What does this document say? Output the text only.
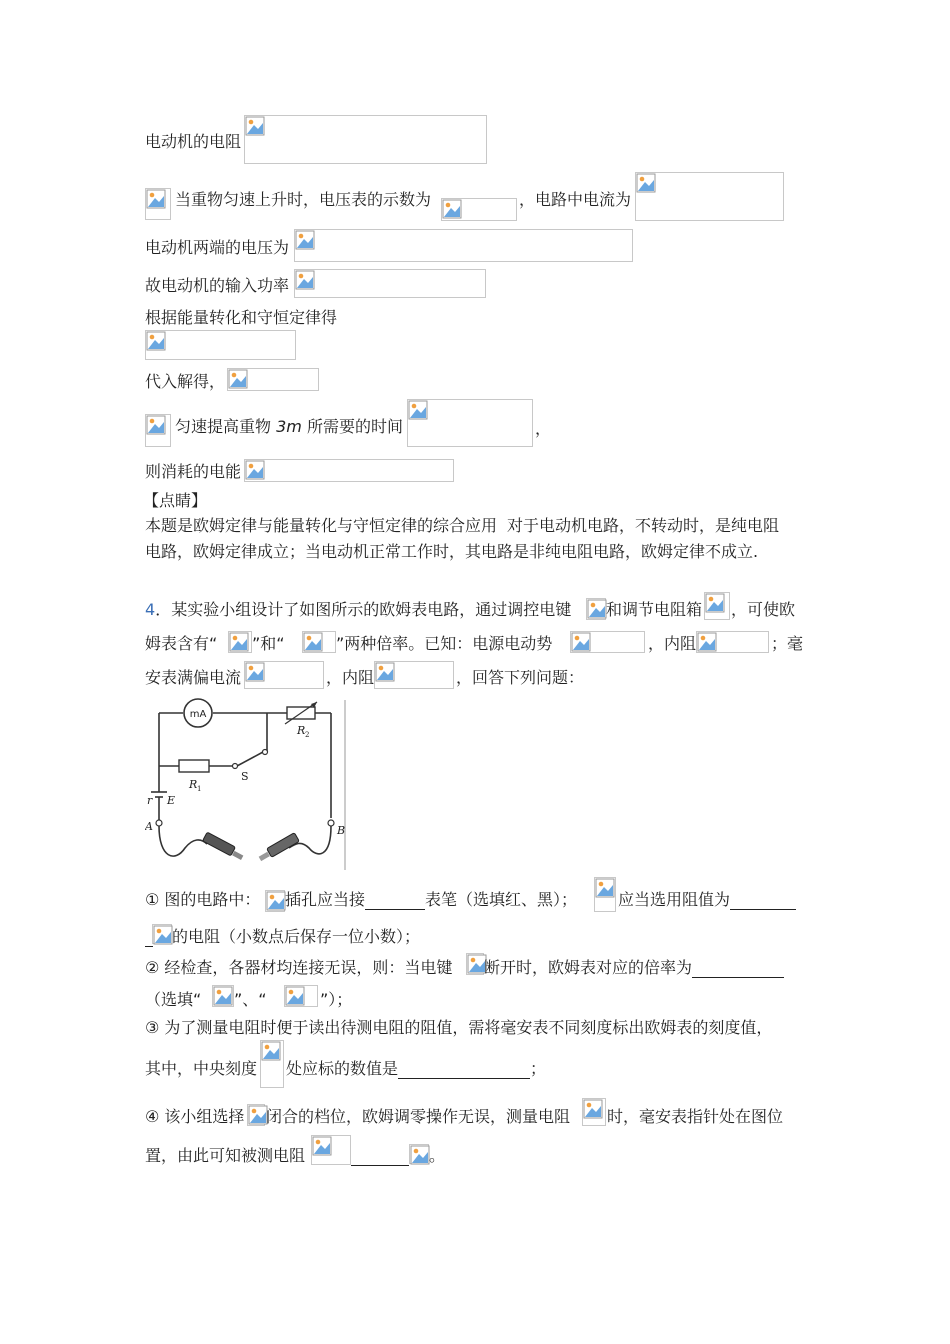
电动机的电阻
当重物匀速上升时，电压表的示数为	，电路中电流为
电动机两端的电压为
故电动机的输入功率
根据能量转化和守恒定律得
代入解得，
匀速提高重物 3m 所需要的时间	，
则消耗的电能
【点睛】
本题是欧姆定律与能量转化与守恒定律的综合应用 对于电动机电路，不转动时，是纯电阻
电路，欧姆定律成立；当电动机正常工作时，其电路是非纯电阻电路，欧姆定律不成立.
4．某实验小组设计了如图所示的欧姆表电路，通过调控电键 和调节电阻箱 ，可使欧
姆表含有“ ”和“	”两种倍率。已知：电源电动势	，内阻	；毫
安表满偏电流	，内阻	，回答下列问题：
mA
R 2
R 1
S
r E
A	B
① 图的电路中： 插孔应当接	表笔（选填红、黑）；	应当选用阻值为
的电阻（小数点后保存一位小数）；
② 经检查，各器材均连接无误，则：当电键 断开时，欧姆表对应的倍率为
（选填“ ”、“	”）；
③ 为了测量电阻时便于读出待测电阻的阻值，需将毫安表不同刻度标出欧姆表的刻度值，
其中，中央刻度 处应标的数值是	；
④ 该小组选择 闭合的档位，欧姆调零操作无误，测量电阻 时，毫安表指针处在图位
置，由此可知被测电阻	。
